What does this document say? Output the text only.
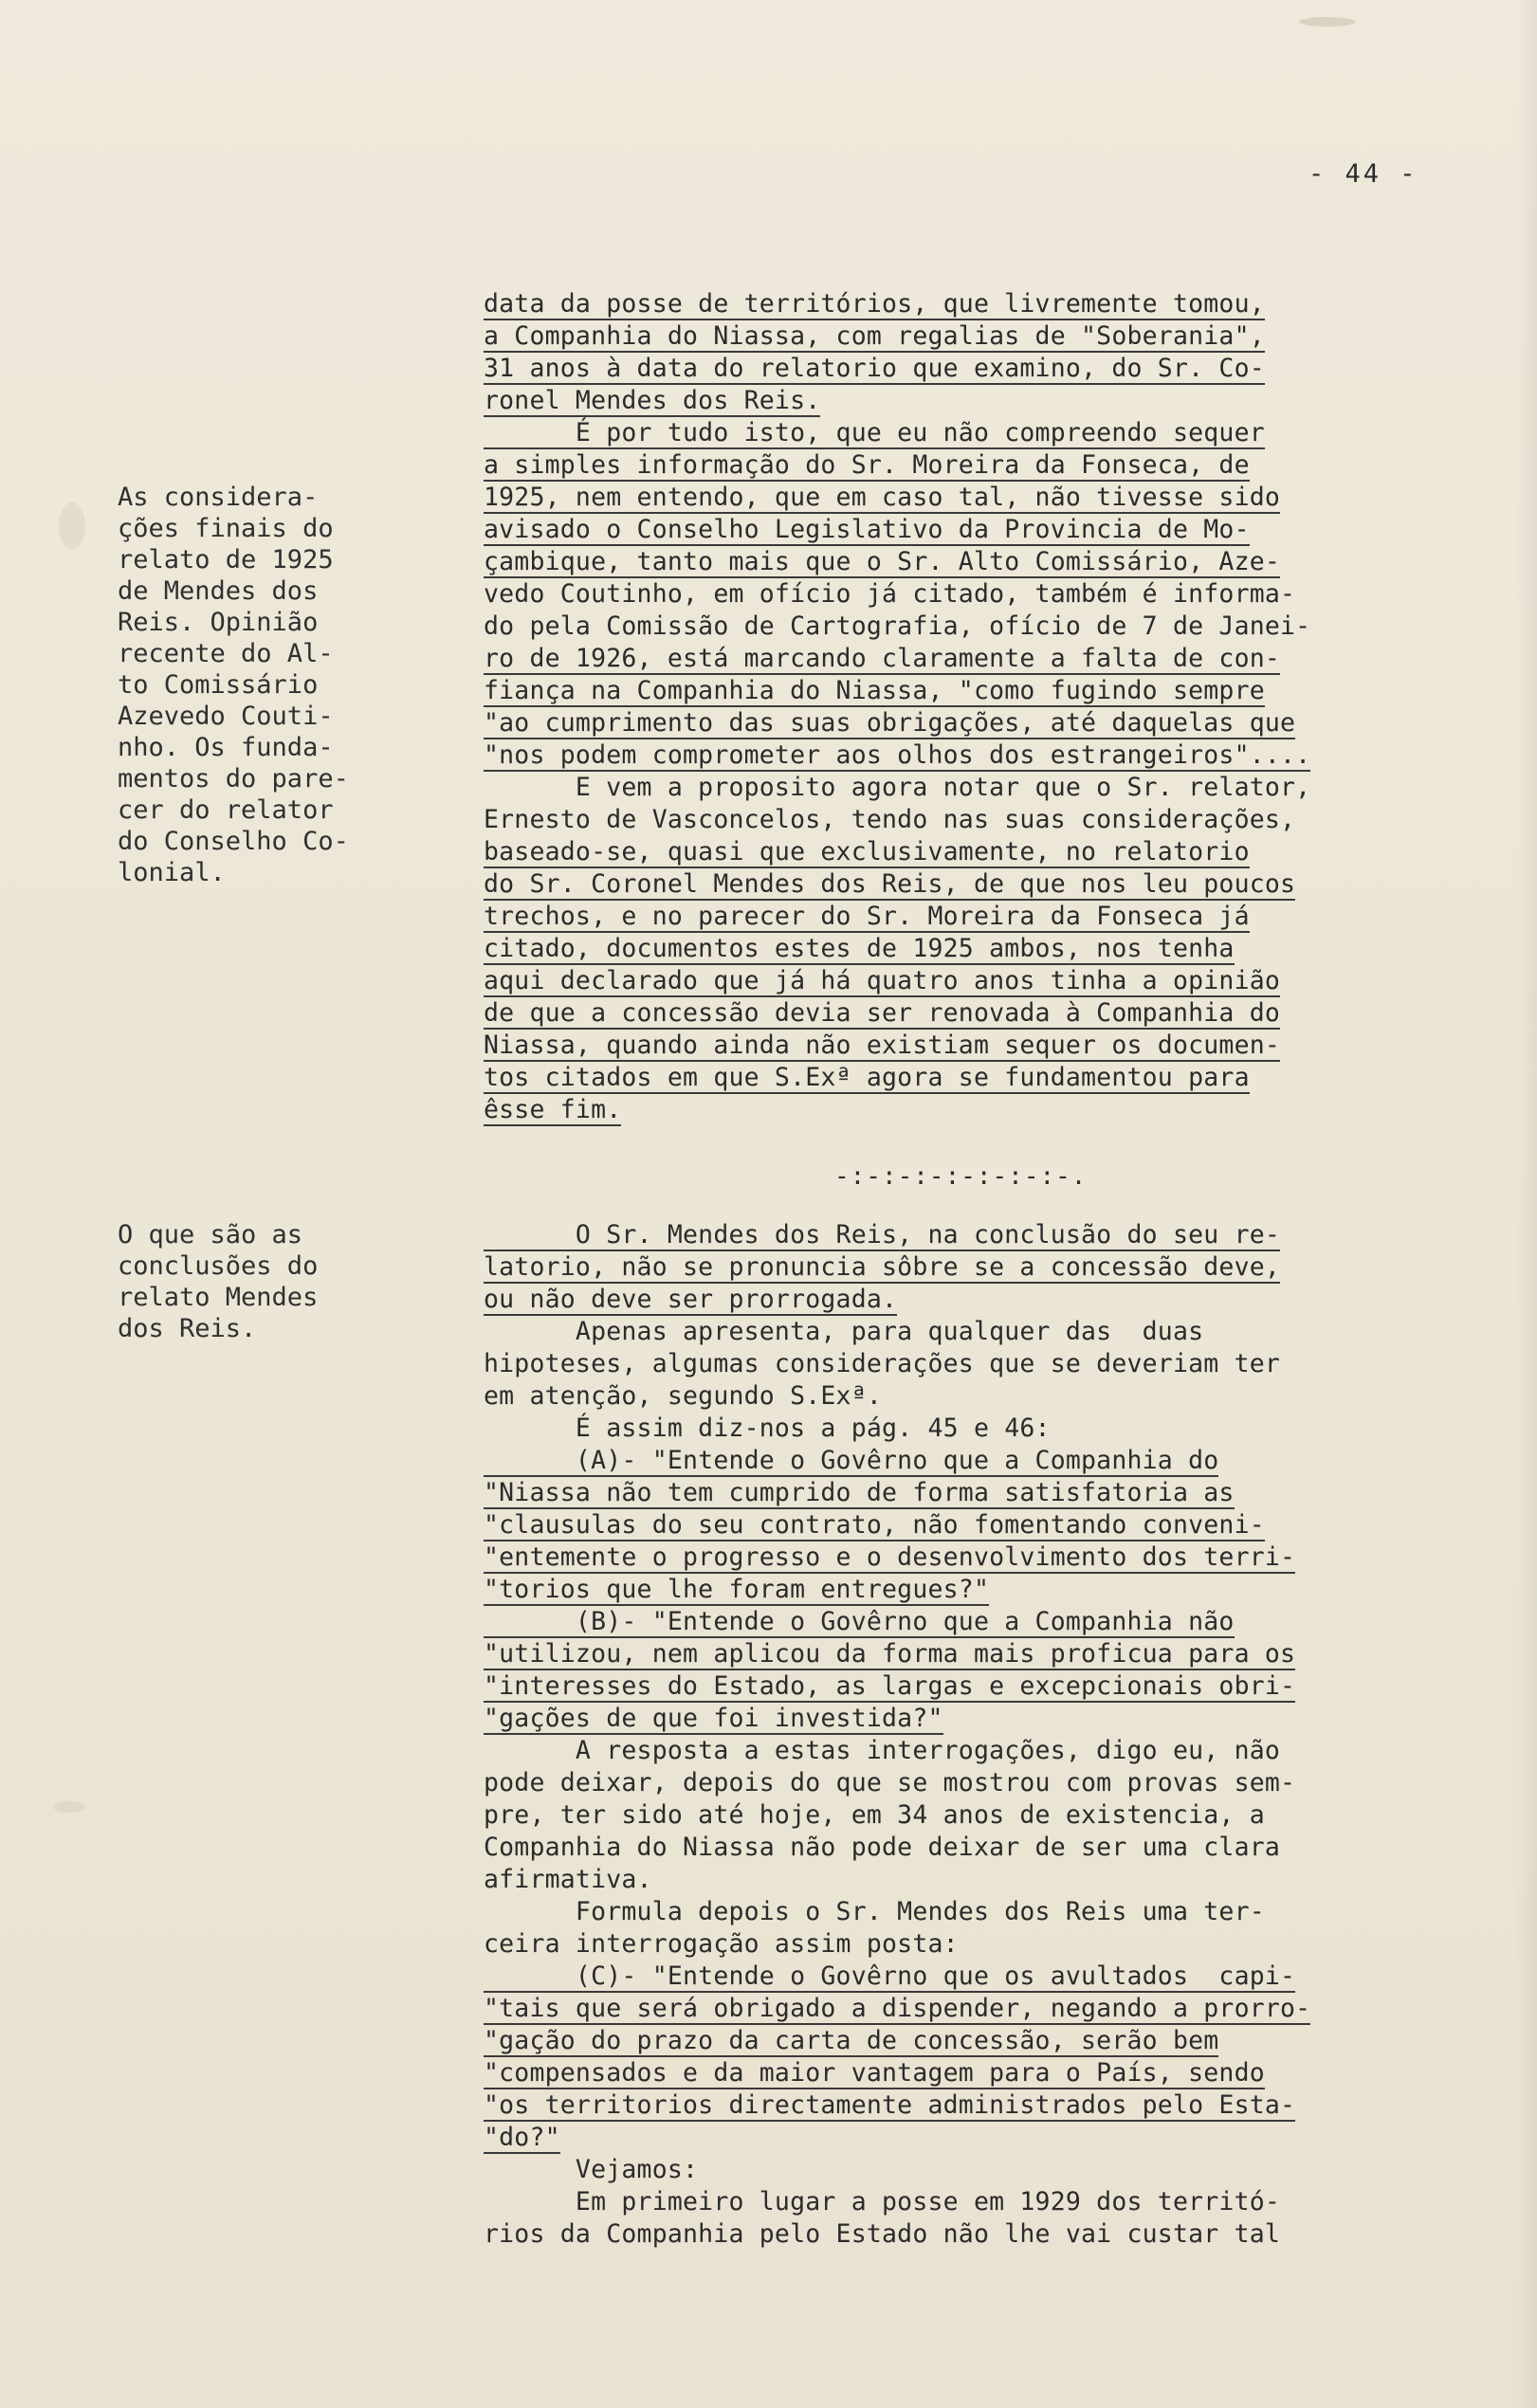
- 44 -
As considera-
ções finais do
relato de 1925
de Mendes dos
Reis. Opinião
recente do Al-
to Comissário
Azevedo Couti-
nho. Os funda-
mentos do pare-
cer do relator
do Conselho Co-
lonial.
O que são as
conclusões do
relato Mendes
dos Reis.
data da posse de territórios, que livremente tomou,
a Companhia do Niassa, com regalias de "Soberania",
31 anos à data do relatorio que examino, do Sr. Co-
ronel Mendes dos Reis.
É por tudo isto, que eu não compreendo sequer
a simples informação do Sr. Moreira da Fonseca, de
1925, nem entendo, que em caso tal, não tivesse sido
avisado o Conselho Legislativo da Provincia de Mo-
çambique, tanto mais que o Sr. Alto Comissário, Aze-
vedo Coutinho, em ofício já citado, também é informa-
do pela Comissão de Cartografia, ofício de 7 de Janei-
ro de 1926, está marcando claramente a falta de con-
fiança na Companhia do Niassa, "como fugindo sempre
"ao cumprimento das suas obrigações, até daquelas que
"nos podem comprometer aos olhos dos estrangeiros"....
E vem a proposito agora notar que o Sr. relator,
Ernesto de Vasconcelos, tendo nas suas considerações,
baseado-se, quasi que exclusivamente, no relatorio
do Sr. Coronel Mendes dos Reis, de que nos leu poucos
trechos, e no parecer do Sr. Moreira da Fonseca já
citado, documentos estes de 1925 ambos, nos tenha
aqui declarado que já há quatro anos tinha a opinião
de que a concessão devia ser renovada à Companhia do
Niassa, quando ainda não existiam sequer os documen-
tos citados em que S.Exª agora se fundamentou para
êsse fim.
-:-:-:-:-:-:-:-.
O Sr. Mendes dos Reis, na conclusão do seu re-
latorio, não se pronuncia sôbre se a concessão deve,
ou não deve ser prorrogada.
Apenas apresenta, para qualquer das  duas
hipoteses, algumas considerações que se deveriam ter
em atenção, segundo S.Exª.
É assim diz-nos a pág. 45 e 46:
(A)- "Entende o Govêrno que a Companhia do
"Niassa não tem cumprido de forma satisfatoria as
"clausulas do seu contrato, não fomentando conveni-
"entemente o progresso e o desenvolvimento dos terri-
"torios que lhe foram entregues?"
(B)- "Entende o Govêrno que a Companhia não
"utilizou, nem aplicou da forma mais proficua para os
"interesses do Estado, as largas e excepcionais obri-
"gações de que foi investida?"
A resposta a estas interrogações, digo eu, não
pode deixar, depois do que se mostrou com provas sem-
pre, ter sido até hoje, em 34 anos de existencia, a
Companhia do Niassa não pode deixar de ser uma clara
afirmativa.
Formula depois o Sr. Mendes dos Reis uma ter-
ceira interrogação assim posta:
(C)- "Entende o Govêrno que os avultados  capi-
"tais que será obrigado a dispender, negando a prorro-
"gação do prazo da carta de concessão, serão bem
"compensados e da maior vantagem para o País, sendo
"os territorios directamente administrados pelo Esta-
"do?"
Vejamos:
Em primeiro lugar a posse em 1929 dos territó-
rios da Companhia pelo Estado não lhe vai custar tal
